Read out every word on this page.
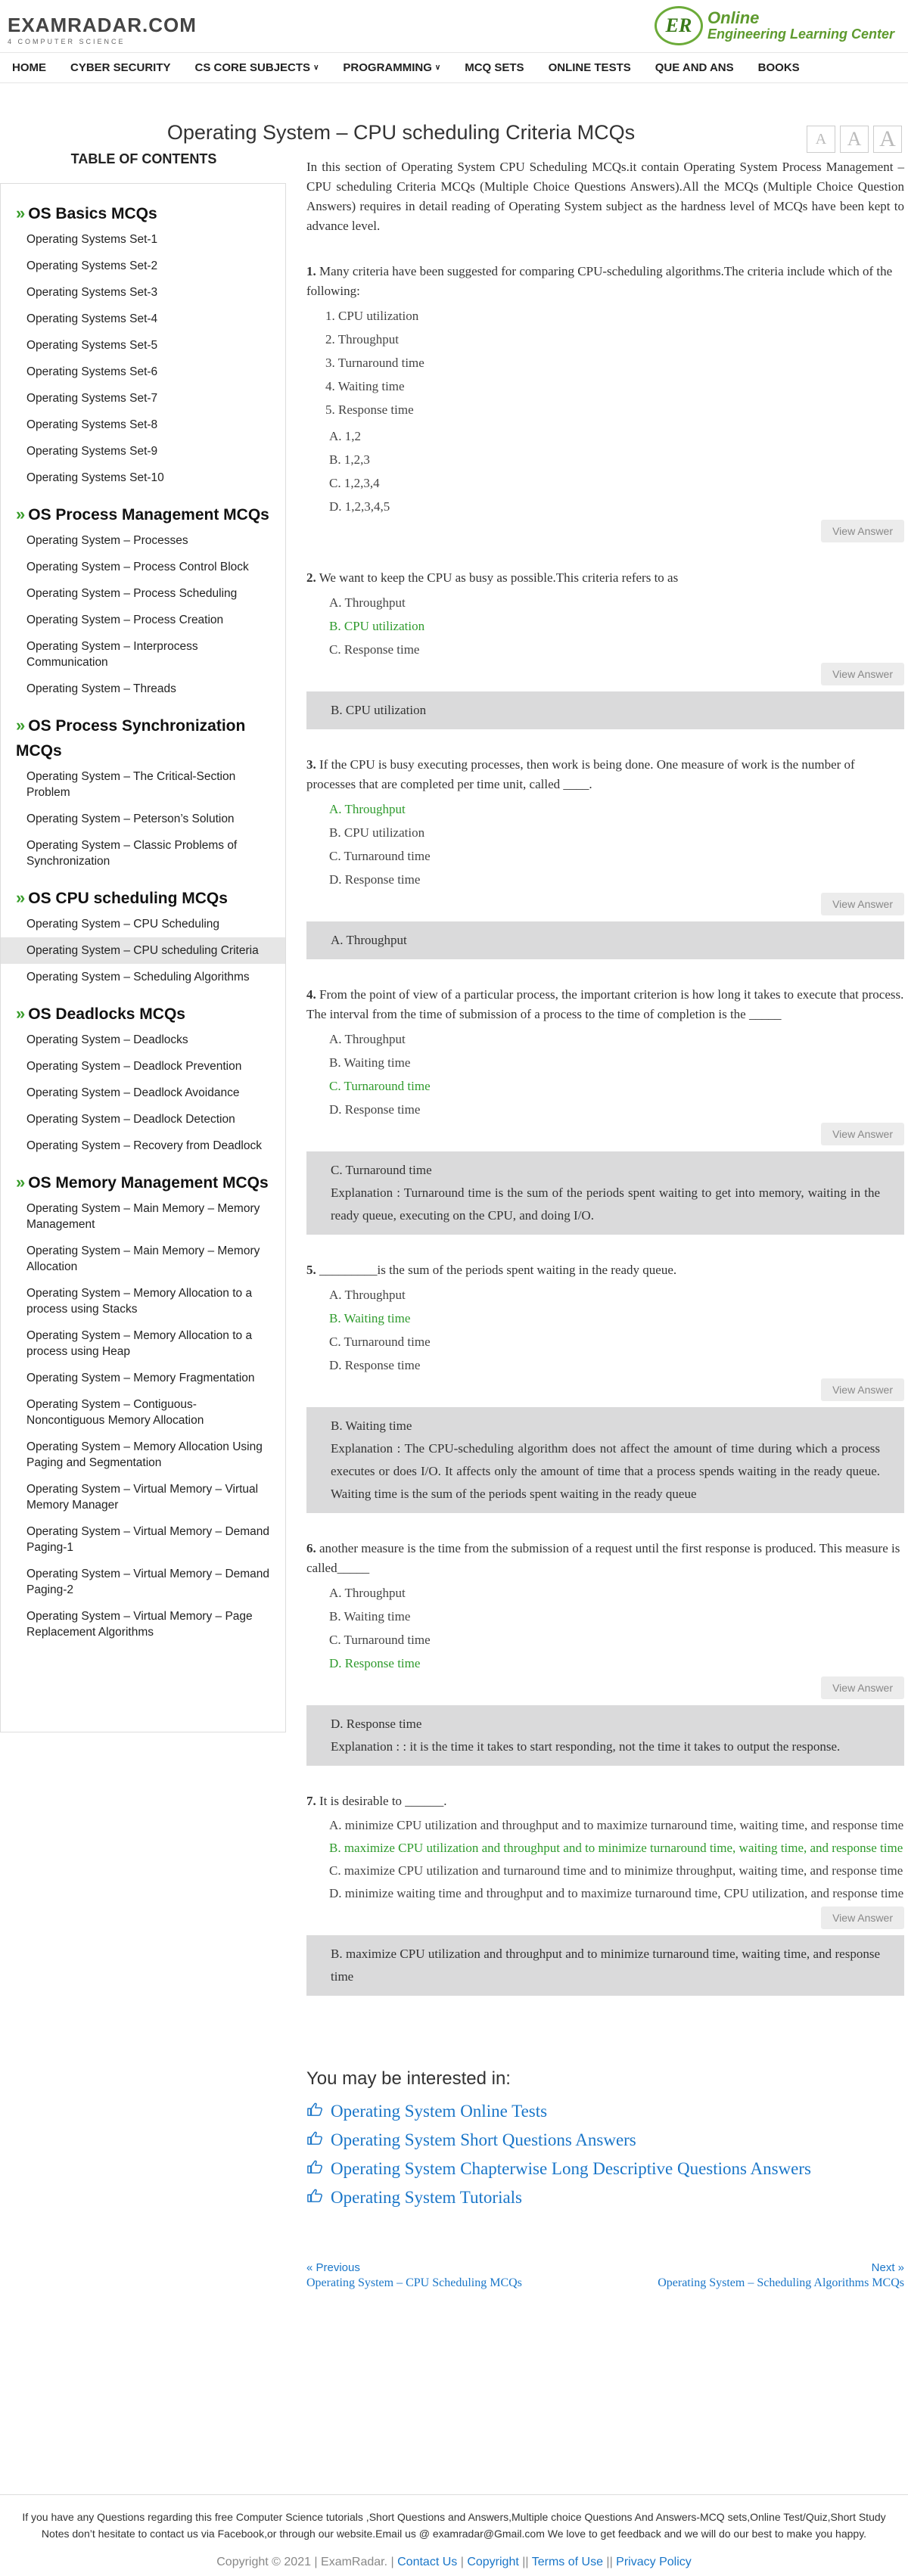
EXAMRADAR.COM
4 COMPUTER SCIENCE
ER Online
Engineering Learning Center
HOME CYBER SECURITY CS CORE SUBJECTS ∨ PROGRAMMING ∨ MCQ SETS ONLINE TESTS QUE AND ANS BOOKS
Operating System – CPU scheduling Criteria MCQs	A	A A
TABLE OF CONTENTS
» OS Basics MCQs
Operating Systems Set-1
Operating Systems Set-2
Operating Systems Set-3
Operating Systems Set-4
Operating Systems Set-5
Operating Systems Set-6
Operating Systems Set-7
Operating Systems Set-8
Operating Systems Set-9
Operating Systems Set-10
» OS Process Management MCQs
Operating System – Processes
Operating System – Process Control Block
Operating System – Process Scheduling
Operating System – Process Creation
Operating System – Interprocess Communication
Operating System – Threads
» OS Process Synchronization MCQs
Operating System – The Critical-Section Problem
Operating System – Peterson’s Solution
Operating System – Classic Problems of Synchronization
» OS CPU scheduling MCQs
Operating System – CPU Scheduling
Operating System – CPU scheduling Criteria
Operating System – Scheduling Algorithms
» OS Deadlocks MCQs
Operating System – Deadlocks
Operating System – Deadlock Prevention
Operating System – Deadlock Avoidance
Operating System – Deadlock Detection
Operating System – Recovery from Deadlock
» OS Memory Management MCQs
Operating System – Main Memory – Memory Management
Operating System – Main Memory – Memory Allocation
Operating System – Memory Allocation to a process using Stacks
Operating System – Memory Allocation to a process using Heap
Operating System – Memory Fragmentation
Operating System – Contiguous-Noncontiguous Memory Allocation
Operating System – Memory Allocation Using Paging and Segmentation
Operating System – Virtual Memory – Virtual Memory Manager
Operating System – Virtual Memory – Demand Paging-1
Operating System – Virtual Memory – Demand Paging-2
Operating System – Virtual Memory – Page Replacement Algorithms

In this section of Operating System CPU Scheduling MCQs.it contain Operating System Process Management – CPU scheduling Criteria MCQs (Multiple Choice Questions Answers).All the MCQs (Multiple Choice Question Answers) requires in detail reading of Operating System subject as the hardness level of MCQs have been kept to advance level.

1. Many criteria have been suggested for comparing CPU-scheduling algorithms.The criteria include which of the following:

1. CPU utilization
2. Throughput
3. Turnaround time
4. Waiting time
5. Response time
A. 1,2
B. 1,2,3
C. 1,2,3,4
D. 1,2,3,4,5
View Answer

2. We want to keep the CPU as busy as possible.This criteria refers to as

A. Throughput
B. CPU utilization
C. Response time
View Answer
B. CPU utilization

3. If the CPU is busy executing processes, then work is being done. One measure of work is the number of processes that are completed per time unit, called ____.

A. Throughput
B. CPU utilization
C. Turnaround time
D. Response time
View Answer
A. Throughput

4. From the point of view of a particular process, the important criterion is how long it takes to execute that process. The interval from the time of submission of a process to the time of completion is the _____

A. Throughput
B. Waiting time
C. Turnaround time
D. Response time
View Answer
C. Turnaround time
Explanation : Turnaround time is the sum of the periods spent waiting to get into memory, waiting in the ready queue, executing on the CPU, and doing I/O.

5. _________is the sum of the periods spent waiting in the ready queue.

A. Throughput
B. Waiting time
C. Turnaround time
D. Response time
View Answer
B. Waiting time
Explanation : The CPU-scheduling algorithm does not affect the amount of time during which a process executes or does I/O. It affects only the amount of time that a process spends waiting in the ready queue. Waiting time is the sum of the periods spent waiting in the ready queue

6. another measure is the time from the submission of a request until the first response is produced. This measure is called_____

A. Throughput
B. Waiting time
C. Turnaround time
D. Response time
View Answer
D. Response time
Explanation : : it is the time it takes to start responding, not the time it takes to output the response.

7. It is desirable to ______.

A. minimize CPU utilization and throughput and to maximize turnaround time, waiting time, and response time
B. maximize CPU utilization and throughput and to minimize turnaround time, waiting time, and response time
C. maximize CPU utilization and turnaround time and to minimize throughput, waiting time, and response time
D. minimize waiting time and throughput and to maximize turnaround time, CPU utilization, and response time
View Answer
B. maximize CPU utilization and throughput and to minimize turnaround time, waiting time, and response time
You may be interested in:
Operating System Online Tests
Operating System Short Questions Answers
Operating System Chapterwise Long Descriptive Questions Answers
Operating System Tutorials
« Previous
Operating System – CPU Scheduling MCQs
Next »
Operating System – Scheduling Algorithms MCQs

If you have any Questions regarding this free Computer Science tutorials ,Short Questions and Answers,Multiple choice Questions And Answers-MCQ sets,Online Test/Quiz,Short Study Notes don’t hesitate to contact us via Facebook,or through our website.Email us @ examradar@Gmail.com We love to get feedback and we will do our best to make you happy.

Copyright © 2021 | ExamRadar. | Contact Us | Copyright || Terms of Use || Privacy Policy
